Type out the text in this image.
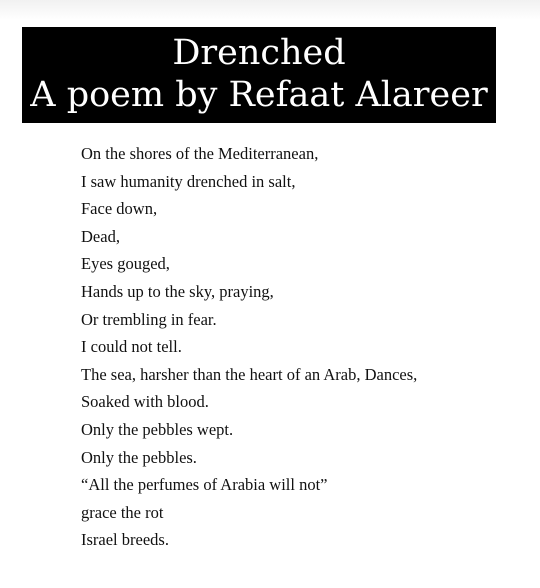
Drenched
A poem by Refaat Alareer
On the shores of the Mediterranean,
I saw humanity drenched in salt,
Face down,
Dead,
Eyes gouged,
Hands up to the sky, praying,
Or trembling in fear.
I could not tell.
The sea, harsher than the heart of an Arab, Dances,
Soaked with blood.
Only the pebbles wept.
Only the pebbles.
“All the perfumes of Arabia will not”
grace the rot
Israel breeds.
